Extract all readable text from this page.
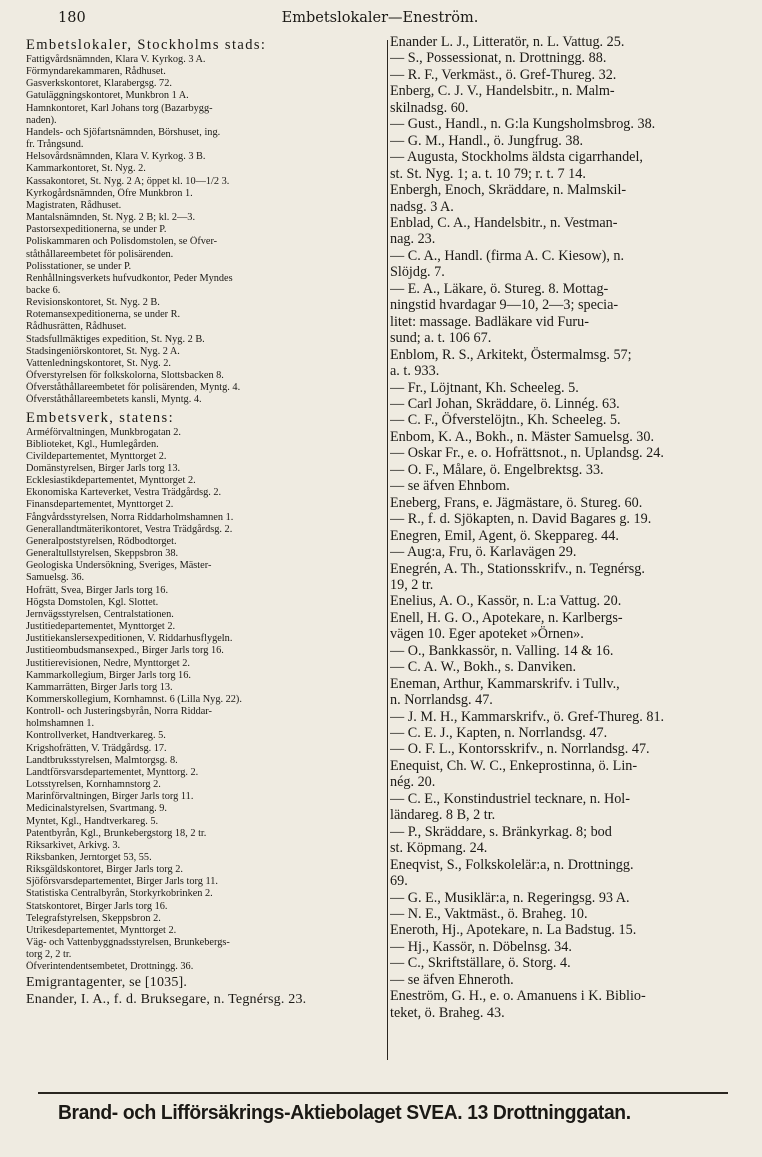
180	Embetslokaler—Eneström.
Embetslokaler, Stockholms stads:
Fattigvårdsnämnden, Klara V. Kyrkog. 3 A.
Förmyndarekammaren, Rådhuset.
Gasverkskontoret, Klarabergsg. 72.
Gatuläggningskontoret, Munkbron 1 A.
Hamnkontoret, Karl Johans torg (Bazarbygg-
naden).
Handels- och Sjöfartsnämnden, Börshuset, ing.
fr. Trångsund.
Helsovårdsnämnden, Klara V. Kyrkog. 3 B.
Kammarkontoret, St. Nyg. 2.
Kassakontoret, St. Nyg. 2 A; öppet kl. 10—1/2 3.
Kyrkogårdsnämnden, Öfre Munkbron 1.
Magistraten, Rådhuset.
Mantalsnämnden, St. Nyg. 2 B; kl. 2—3.
Pastorsexpeditionerna, se under P.
Poliskammaren och Polisdomstolen, se Öfver-
ståthållareembetet för polisärenden.
Polisstationer, se under P.
Renhållningsverkets hufvudkontor, Peder Myndes
backe 6.
Revisionskontoret, St. Nyg. 2 B.
Rotemansexpeditionerna, se under R.
Rådhusrätten, Rådhuset.
Stadsfullmäktiges expedition, St. Nyg. 2 B.
Stadsingeniörskontoret, St. Nyg. 2 A.
Vattenledningskontoret, St. Nyg. 2.
Öfverstyrelsen för folkskolorna, Slottsbacken 8.
Öfverståthållareembetet för polisärenden, Myntg. 4.
Öfverståthållareembetets kansli, Myntg. 4.
Embetsverk, statens:
Arméförvaltningen, Munkbrogatan 2.
Biblioteket, Kgl., Humlegården.
Civildepartementet, Mynttorget 2.
Domänstyrelsen, Birger Jarls torg 13.
Ecklesiastikdepartementet, Mynttorget 2.
Ekonomiska Karteverket, Vestra Trädgårdsg. 2.
Finansdepartementet, Mynttorget 2.
Fångvårdsstyrelsen, Norra Riddarholmshamnen 1.
Generallandtmäterikontoret, Vestra Trädgårdsg. 2.
Generalpoststyrelsen, Rödbodtorget.
Generaltullstyrelsen, Skeppsbron 38.
Geologiska Undersökning, Sveriges, Mäster-
Samuelsg. 36.
Hofrätt, Svea, Birger Jarls torg 16.
Högsta Domstolen, Kgl. Slottet.
Jernvägsstyrelsen, Centralstationen.
Justitiedepartementet, Mynttorget 2.
Justitiekanslersexpeditionen, V. Riddarhusflygeln.
Justitieombudsmansexped., Birger Jarls torg 16.
Justitierevisionen, Nedre, Mynttorget 2.
Kammarkollegium, Birger Jarls torg 16.
Kammarrätten, Birger Jarls torg 13.
Kommerskollegium, Kornhamnst. 6 (Lilla Nyg. 22).
Kontroll- och Justeringsbyrån, Norra Riddar-
holmshamnen 1.
Kontrollverket, Handtverkareg. 5.
Krigshofrätten, V. Trädgårdsg. 17.
Landtbruksstyrelsen, Malmtorgsg. 8.
Landtförsvarsdepartementet, Mynttorg. 2.
Lotsstyrelsen, Kornhamnstorg 2.
Marinförvaltningen, Birger Jarls torg 11.
Medicinalstyrelsen, Svartmang. 9.
Myntet, Kgl., Handtverkareg. 5.
Patentbyrån, Kgl., Brunkebergstorg 18, 2 tr.
Riksarkivet, Arkivg. 3.
Riksbanken, Jerntorget 53, 55.
Riksgäldskontoret, Birger Jarls torg 2.
Sjöförsvarsdepartementet, Birger Jarls torg 11.
Statistiska Centralbyrån, Storkyrkobrinken 2.
Statskontoret, Birger Jarls torg 16.
Telegrafstyrelsen, Skeppsbron 2.
Utrikesdepartementet, Mynttorget 2.
Väg- och Vattenbyggnadsstyrelsen, Brunkebergs-
torg 2, 2 tr.
Öfverintendentsembetet, Drottningg. 36.
Emigrantagenter, se [1035].
Enander, I. A., f. d. Bruksegare, n. Tegnérsg. 23.
Enander L. J., Litteratör, n. L. Vattug. 25.
— S., Possessionat, n. Drottningg. 88.
— R. F., Verkmäst., ö. Gref-Thureg. 32.
Enberg, C. J. V., Handelsbitr., n. Malm-
skilnadsg. 60.
— Gust., Handl., n. G:la Kungsholmsbrog. 38.
— G. M., Handl., ö. Jungfrug. 38.
— Augusta, Stockholms äldsta cigarrhandel,
st. St. Nyg. 1; a. t. 10 79; r. t. 7 14.
Enbergh, Enoch, Skräddare, n. Malmskil-
nadsg. 3 A.
Enblad, C. A., Handelsbitr., n. Vestman-
nag. 23.
— C. A., Handl. (firma A. C. Kiesow), n.
Slöjdg. 7.
— E. A., Läkare, ö. Stureg. 8. Mottag-
ningstid hvardagar 9—10, 2—3; specia-
litet: massage. Badläkare vid Furu-
sund; a. t. 106 67.
Enblom, R. S., Arkitekt, Östermalmsg. 57;
a. t. 933.
— Fr., Löjtnant, Kh. Scheeleg. 5.
— Carl Johan, Skräddare, ö. Linnég. 63.
— C. F., Öfverstelöjtn., Kh. Scheeleg. 5.
Enbom, K. A., Bokh., n. Mäster Samuelsg. 30.
— Oskar Fr., e. o. Hofrättsnot., n. Uplandsg. 24.
— O. F., Målare, ö. Engelbrektsg. 33.
— se äfven Ehnbom.
Eneberg, Frans, e. Jägmästare, ö. Stureg. 60.
— R., f. d. Sjökapten, n. David Bagares g. 19.
Enegren, Emil, Agent, ö. Skeppareg. 44.
— Aug:a, Fru, ö. Karlavägen 29.
Enegrén, A. Th., Stationsskrifv., n. Tegnérsg.
19, 2 tr.
Enelius, A. O., Kassör, n. L:a Vattug. 20.
Enell, H. G. O., Apotekare, n. Karlbergs-
vägen 10. Eger apoteket »Örnen».
— O., Bankkassör, n. Valling. 14 & 16.
— C. A. W., Bokh., s. Danviken.
Eneman, Arthur, Kammarskrifv. i Tullv.,
n. Norrlandsg. 47.
— J. M. H., Kammarskrifv., ö. Gref-Thureg. 81.
— C. E. J., Kapten, n. Norrlandsg. 47.
— O. F. L., Kontorsskrifv., n. Norrlandsg. 47.
Enequist, Ch. W. C., Enkeprostinna, ö. Lin-
nég. 20.
— C. E., Konstindustriel tecknare, n. Hol-
ländareg. 8 B, 2 tr.
— P., Skräddare, s. Bränkyrkag. 8; bod
st. Köpmang. 24.
Eneqvist, S., Folkskolelär:a, n. Drottningg.
69.
— G. E., Musiklär:a, n. Regeringsg. 93 A.
— N. E., Vaktmäst., ö. Braheg. 10.
Eneroth, Hj., Apotekare, n. La Badstug. 15.
— Hj., Kassör, n. Döbelnsg. 34.
— C., Skriftställare, ö. Storg. 4.
— se äfven Ehneroth.
Eneström, G. H., e. o. Amanuens i K. Biblio-
teket, ö. Braheg. 43.
Brand- och Lifförsäkrings-Aktiebolaget SVEA. 13 Drottninggatan.
